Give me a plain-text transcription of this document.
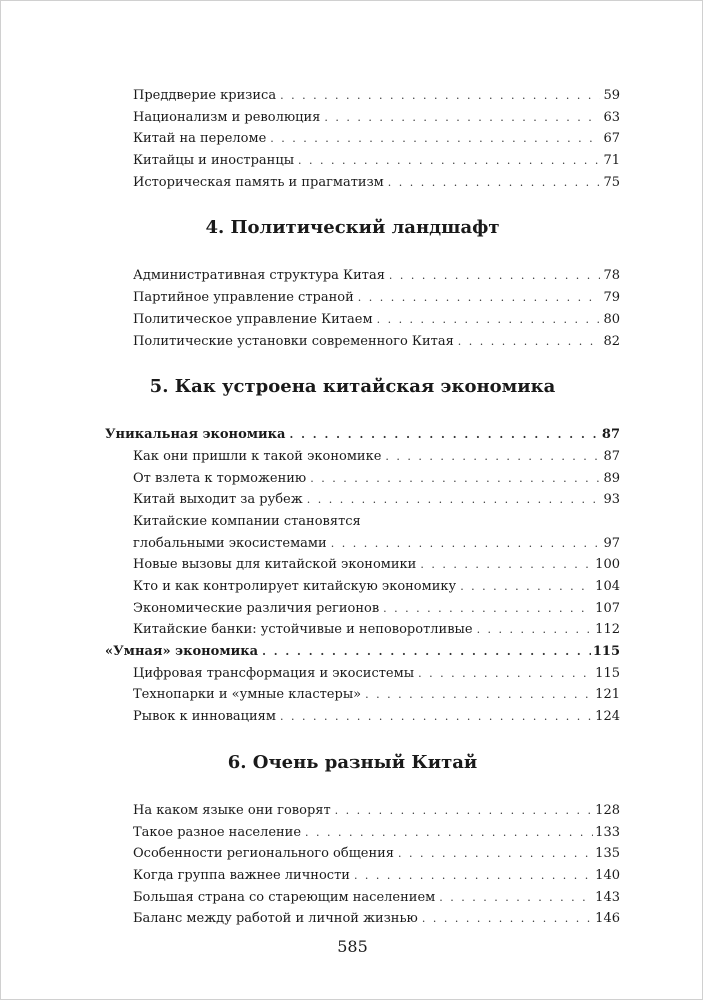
Преддверие кризиса . . .	59
Национализм и революция . . .	63
Китай на переломе . . .	67
Китайцы и иностранцы . . .	71
Историческая память и прагматизм . . .	75
4. Политический ландшафт
Административная структура Китая . . .	78
Партийное управление страной . . .	79
Политическое управление Китаем . . .	80
Политические установки современного Китая . . .	82
5. Как устроена китайская экономика
Уникальная экономика . . .	87
Как они пришли к такой экономике . . .	87
От взлета к торможению . . .	89
Китай выходит за рубеж . . .	93
Китайские компании становятся
глобальными экосистемами . . .	97
Новые вызовы для китайской экономики . . .	100
Кто и как контролирует китайскую экономику . . .	104
Экономические различия регионов . . .	107
Китайские банки: устойчивые и неповоротливые . . .	112
«Умная» экономика . . .	115
Цифровая трансформация и экосистемы . . .	115
Технопарки и «умные кластеры» . . .	121
Рывок к инновациям . . .	124
6. Очень разный Китай
На каком языке они говорят . . .	128
Такое разное население . . .	133
Особенности регионального общения . . .	135
Когда группа важнее личности . . .	140
Большая страна со стареющим населением . . .	143
Баланс между работой и личной жизнью . . .	146
585
